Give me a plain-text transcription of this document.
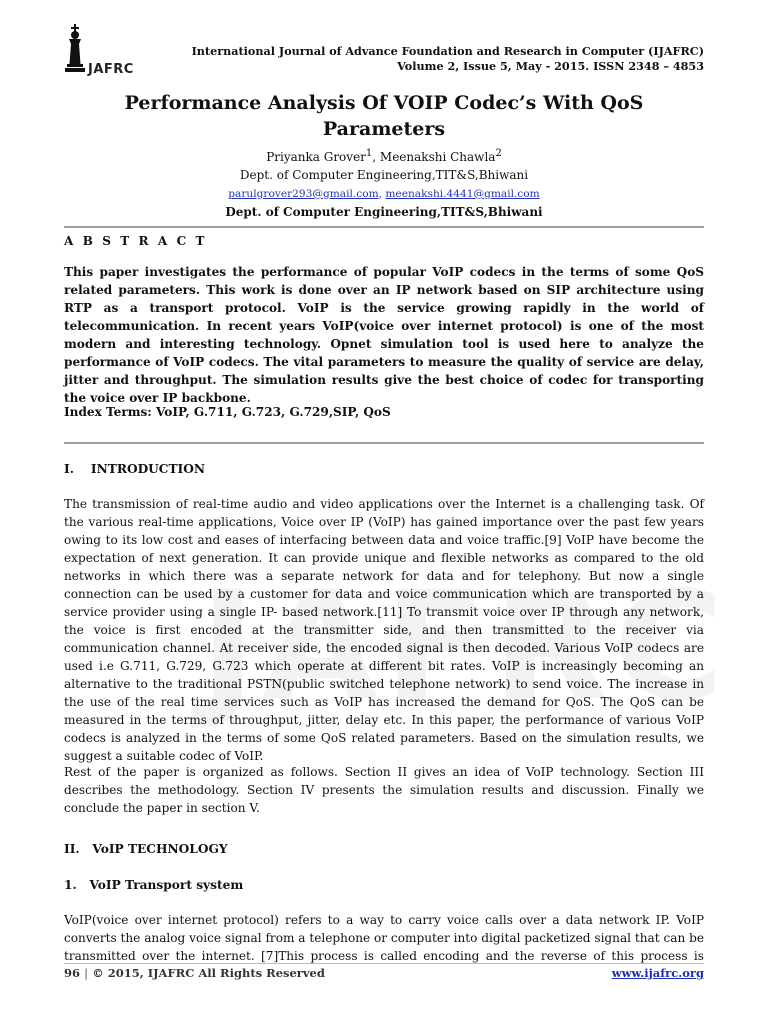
JAFRC
International Journal of Advance Foundation and Research in Computer (IJAFRC)
Volume 2, Issue 5, May - 2015. ISSN 2348 – 4853
Performance Analysis Of VOIP Codec’s With QoS
Parameters
Priyanka Grover$^1$, Meenakshi Chawla$^2$
Dept. of Computer Engineering,TIT&S,Bhiwani
parulgrover293@gmail.com, meenakshi.4441@gmail.com
Dept. of Computer Engineering,TIT&S,Bhiwani
A B S T R A C T
This paper investigates the performance of popular VoIP codecs in the terms of some QoS related parameters. This work is done over an IP network based on SIP architecture using RTP as a transport protocol. VoIP is the service growing rapidly in the world of telecommunication. In recent years VoIP(voice over internet protocol) is one of the most modern and interesting technology. Opnet simulation tool is used here to analyze the performance of VoIP codecs. The vital parameters to measure the quality of service are delay, jitter and throughput. The simulation results give the best choice of codec for transporting the voice over IP backbone.
Index Terms: VoIP, G.711, G.723, G.729,SIP, QoS
I.    INTRODUCTION
The transmission of real-time audio and video applications over the Internet is a challenging task. Of the various real-time applications, Voice over IP (VoIP) has gained importance over the past few years owing to its low cost and eases of interfacing between data and voice traffic.[9] VoIP have become the expectation of next generation. It can provide unique and flexible networks as compared to the old networks in which there was a separate network for data and for telephony. But now a single connection can be used by a customer for data and voice communication which are transported by a service provider using a single IP- based network.[11] To transmit voice over IP through any network, the voice is first encoded at the transmitter side, and then transmitted to the receiver via communication channel. At receiver side, the encoded signal is then decoded. Various VoIP codecs are used i.e G.711, G.729, G.723 which operate at different bit rates. VoIP is increasingly becoming an alternative to the traditional PSTN(public switched telephone network) to send voice. The increase in the use of the real time services such as VoIP has increased the demand for QoS. The QoS can be measured in the terms of throughput, jitter, delay etc. In this paper, the performance of various VoIP codecs is analyzed in the terms of some QoS related parameters. Based on the simulation results, we suggest a suitable codec of VoIP.
Rest of the paper is organized as follows. Section II gives an idea of VoIP technology. Section III describes the methodology. Section IV presents the simulation results and discussion. Finally we conclude the paper in section V.
II.   VoIP TECHNOLOGY
1.   VoIP Transport system
VoIP(voice over internet protocol) refers to a way to carry voice calls over a data network IP. VoIP converts the analog voice signal from a telephone or computer into digital packetized signal that can be transmitted over the internet. [7]This process is called encoding and the reverse of this process is
96 | © 2015, IJAFRC All Rights Reserved	www.ijafrc.org
